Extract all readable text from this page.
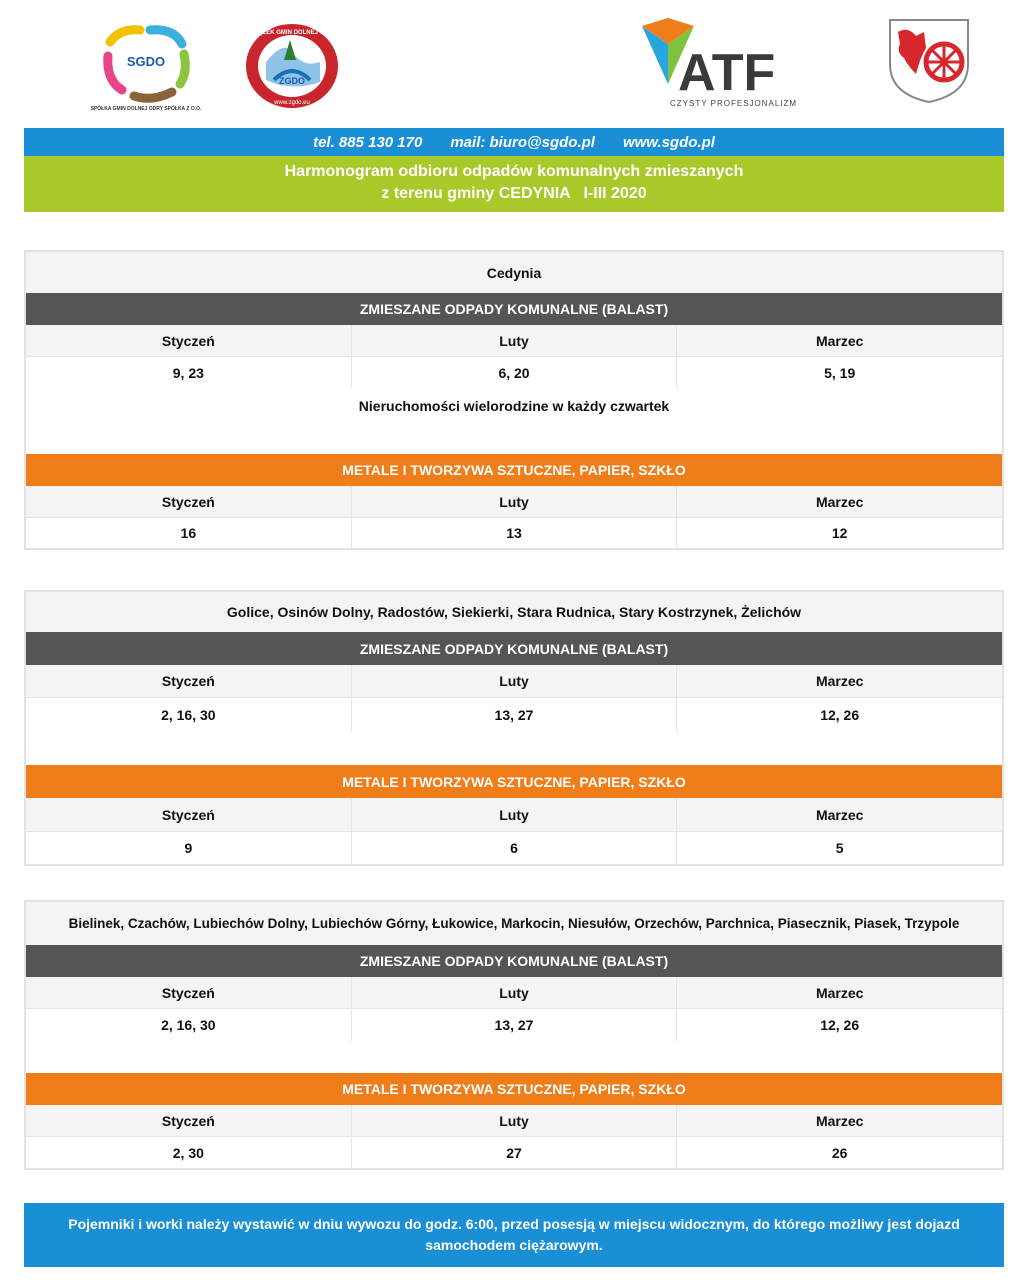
SGDO
SPÓŁKA GMIN DOLNEJ ODRY SPÓŁKA Z O.O.
ZGDO
ZWIĄZEK GMIN DOLNEJ ODRY
www.zgdo.eu
ATF
CZYSTY PROFESJONALIZM
tel. 885 130 170 mail: biuro@sgdo.pl www.sgdo.pl
Harmonogram odbioru odpadów komunalnych zmieszanych
z terenu gminy CEDYNIA   I-III 2020
Cedynia
ZMIESZANE ODPADY KOMUNALNE (BALAST)
Styczeń	Luty	Marzec
9, 23	6, 20	5, 19
Nieruchomości wielorodzine w każdy czwartek
METALE I TWORZYWA SZTUCZNE, PAPIER, SZKŁO
Styczeń	Luty	Marzec
16	13	12
Golice, Osinów Dolny, Radostów, Siekierki, Stara Rudnica, Stary Kostrzynek, Żelichów
ZMIESZANE ODPADY KOMUNALNE (BALAST)
Styczeń	Luty	Marzec
2, 16, 30	13, 27	12, 26
METALE I TWORZYWA SZTUCZNE, PAPIER, SZKŁO
Styczeń	Luty	Marzec
9	6	5
Bielinek, Czachów, Lubiechów Dolny, Lubiechów Górny, Łukowice, Markocin, Niesułów, Orzechów, Parchnica, Piasecznik, Piasek, Trzypole
ZMIESZANE ODPADY KOMUNALNE (BALAST)
Styczeń	Luty	Marzec
2, 16, 30	13, 27	12, 26
METALE I TWORZYWA SZTUCZNE, PAPIER, SZKŁO
Styczeń	Luty	Marzec
2, 30	27	26
Pojemniki i worki należy wystawić w dniu wywozu do godz. 6:00, przed posesją w miejscu widocznym, do którego możliwy jest dojazd samochodem ciężarowym.
